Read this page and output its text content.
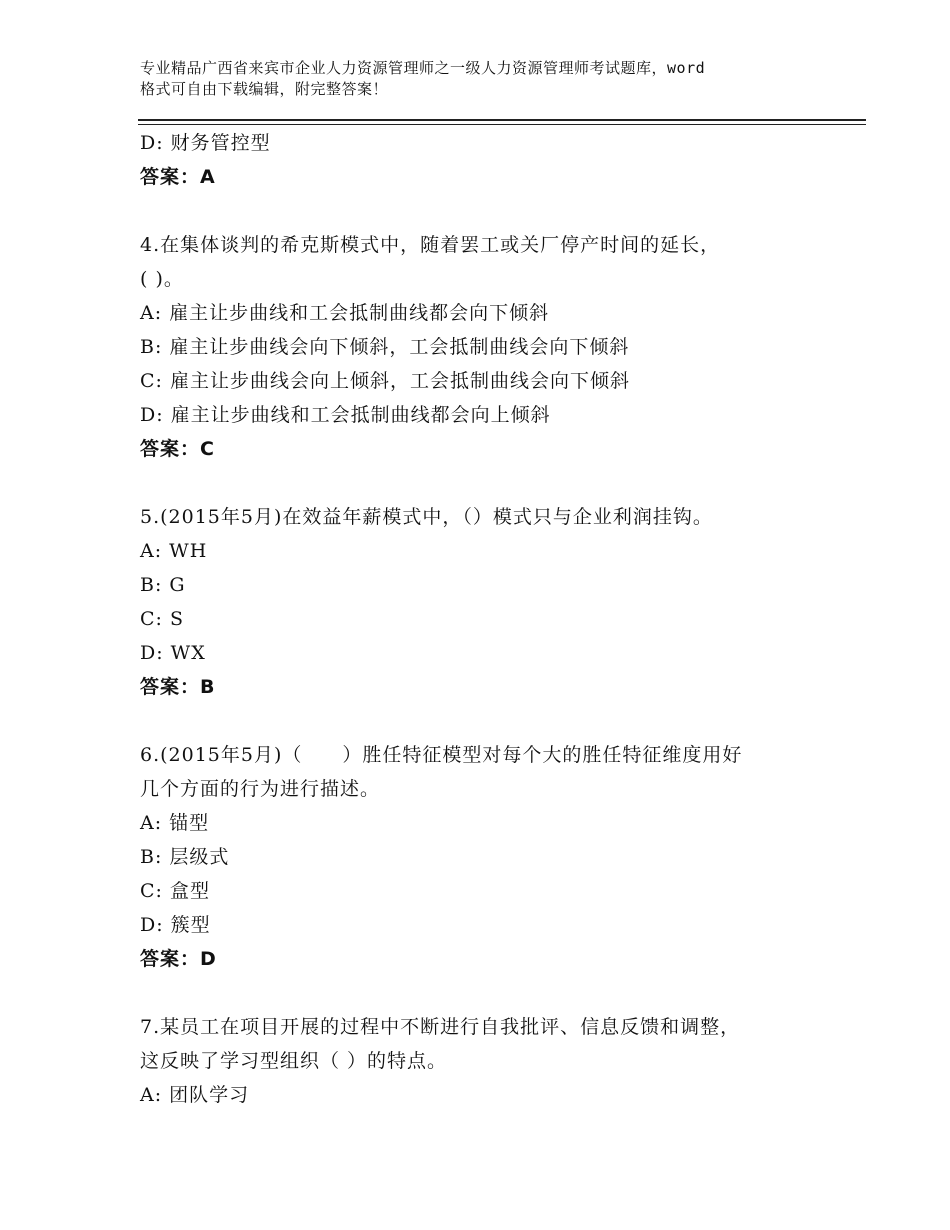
专业精品广西省来宾市企业人力资源管理师之一级人力资源管理师考试题库，word
格式可自由下载编辑，附完整答案！
D: 财务管控型
答案：A
4.在集体谈判的希克斯模式中，随着罢工或关厂停产时间的延长，
( )。
A: 雇主让步曲线和工会抵制曲线都会向下倾斜
B: 雇主让步曲线会向下倾斜，工会抵制曲线会向下倾斜
C: 雇主让步曲线会向上倾斜，工会抵制曲线会向下倾斜
D: 雇主让步曲线和工会抵制曲线都会向上倾斜
答案：C
5.(2015年5月)在效益年薪模式中，（）模式只与企业利润挂钩。
A: WH
B: G
C: S
D: WX
答案：B
6.(2015年5月)（　　）胜任特征模型对每个大的胜任特征维度用好
几个方面的行为进行描述。
A: 锚型
B: 层级式
C: 盒型
D: 簇型
答案：D
7.某员工在项目开展的过程中不断进行自我批评、信息反馈和调整，
这反映了学习型组织（ ）的特点。
A: 团队学习
